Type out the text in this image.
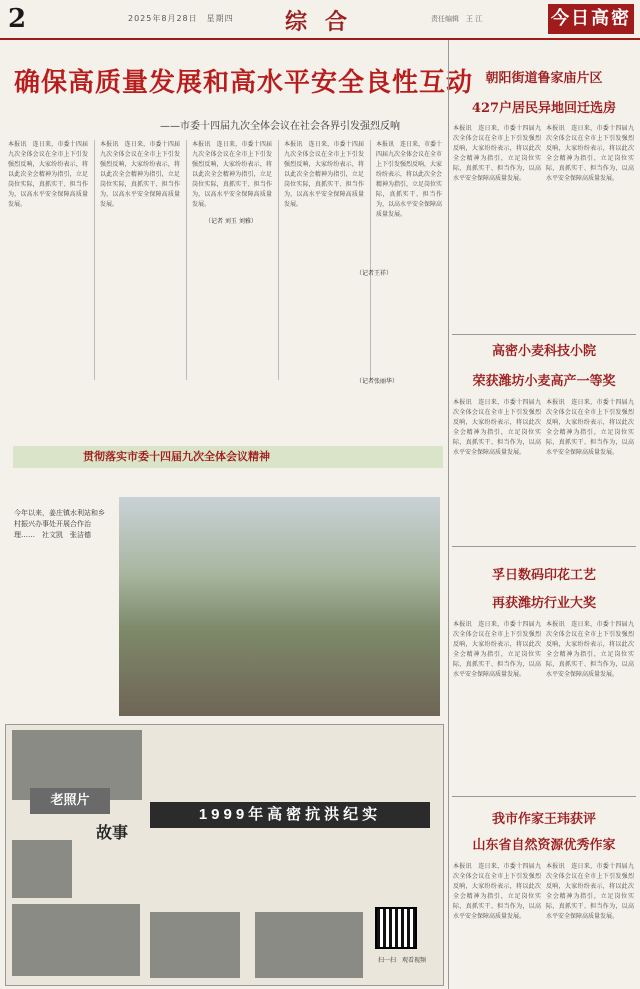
2	2025年8月28日　星期四 综合	责任编辑　王 江	今日高密
确保高质量发展和高水平安全良性互动
——市委十四届九次全体会议在社会各界引发强烈反响
本报讯　连日来，市委十四届九次全体会议在全市上下引发强烈反响，大家纷纷表示，将以此次全会精神为指引，立足岗位实际，真抓实干、担当作为，以高水平安全保障高质量发展。
本报讯　连日来，市委十四届九次全体会议在全市上下引发强烈反响，大家纷纷表示，将以此次全会精神为指引，立足岗位实际，真抓实干、担当作为，以高水平安全保障高质量发展。
本报讯　连日来，市委十四届九次全体会议在全市上下引发强烈反响，大家纷纷表示，将以此次全会精神为指引，立足岗位实际，真抓实干、担当作为，以高水平安全保障高质量发展。
本报讯　连日来，市委十四届九次全体会议在全市上下引发强烈反响，大家纷纷表示，将以此次全会精神为指引，立足岗位实际，真抓实干、担当作为，以高水平安全保障高质量发展。
本报讯　连日来，市委十四届九次全体会议在全市上下引发强烈反响，大家纷纷表示，将以此次全会精神为指引，立足岗位实际，真抓实干、担当作为，以高水平安全保障高质量发展。
（记者 刘玉 刘雅）
（记者王祥）
（记者张丽华）
贯彻落实市委十四届九次全体会议精神
今年以来，姜庄镇水利站和乡村振兴办事处开展合作治理……　社文凯　张洁德
老照片
故事
1999年高密抗洪纪实
扫一扫　观看视频
朝阳街道鲁家庙片区
427户居民异地回迁选房
本报讯　连日来，市委十四届九次全体会议在全市上下引发强烈反响，大家纷纷表示，将以此次全会精神为指引，立足岗位实际，真抓实干、担当作为，以高水平安全保障高质量发展。
本报讯　连日来，市委十四届九次全体会议在全市上下引发强烈反响，大家纷纷表示，将以此次全会精神为指引，立足岗位实际，真抓实干、担当作为，以高水平安全保障高质量发展。
高密小麦科技小院
荣获潍坊小麦高产一等奖
本报讯　连日来，市委十四届九次全体会议在全市上下引发强烈反响，大家纷纷表示，将以此次全会精神为指引，立足岗位实际，真抓实干、担当作为，以高水平安全保障高质量发展。
本报讯　连日来，市委十四届九次全体会议在全市上下引发强烈反响，大家纷纷表示，将以此次全会精神为指引，立足岗位实际，真抓实干、担当作为，以高水平安全保障高质量发展。
孚日数码印花工艺
再获潍坊行业大奖
本报讯　连日来，市委十四届九次全体会议在全市上下引发强烈反响，大家纷纷表示，将以此次全会精神为指引，立足岗位实际，真抓实干、担当作为，以高水平安全保障高质量发展。
本报讯　连日来，市委十四届九次全体会议在全市上下引发强烈反响，大家纷纷表示，将以此次全会精神为指引，立足岗位实际，真抓实干、担当作为，以高水平安全保障高质量发展。
我市作家王玮获评
山东省自然资源优秀作家
本报讯　连日来，市委十四届九次全体会议在全市上下引发强烈反响，大家纷纷表示，将以此次全会精神为指引，立足岗位实际，真抓实干、担当作为，以高水平安全保障高质量发展。
本报讯　连日来，市委十四届九次全体会议在全市上下引发强烈反响，大家纷纷表示，将以此次全会精神为指引，立足岗位实际，真抓实干、担当作为，以高水平安全保障高质量发展。
